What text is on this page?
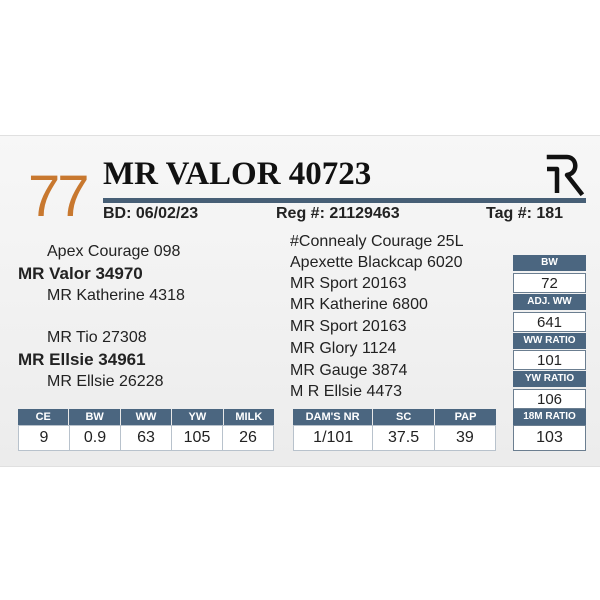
77 MR VALOR 40723
BD: 06/02/23	Reg #: 21129463	Tag #: 181
Apex Courage 098
MR Valor 34970
MR Katherine 4318
MR Tio 27308
MR Ellsie 34961
MR Ellsie 26228
#Connealy Courage 25L
Apexette Blackcap 6020
MR Sport 20163
MR Katherine 6800
MR Sport 20163
MR Glory 1124
MR Gauge 3874
M R Ellsie 4473
BW
72
ADJ. WW
641
WW RATIO
101
YW RATIO
106
18M RATIO
103
CE	BW	WW	YW	MILK
9	0.9	63	105	26
DAM'S NR	SC	PAP
1/101	37.5	39
